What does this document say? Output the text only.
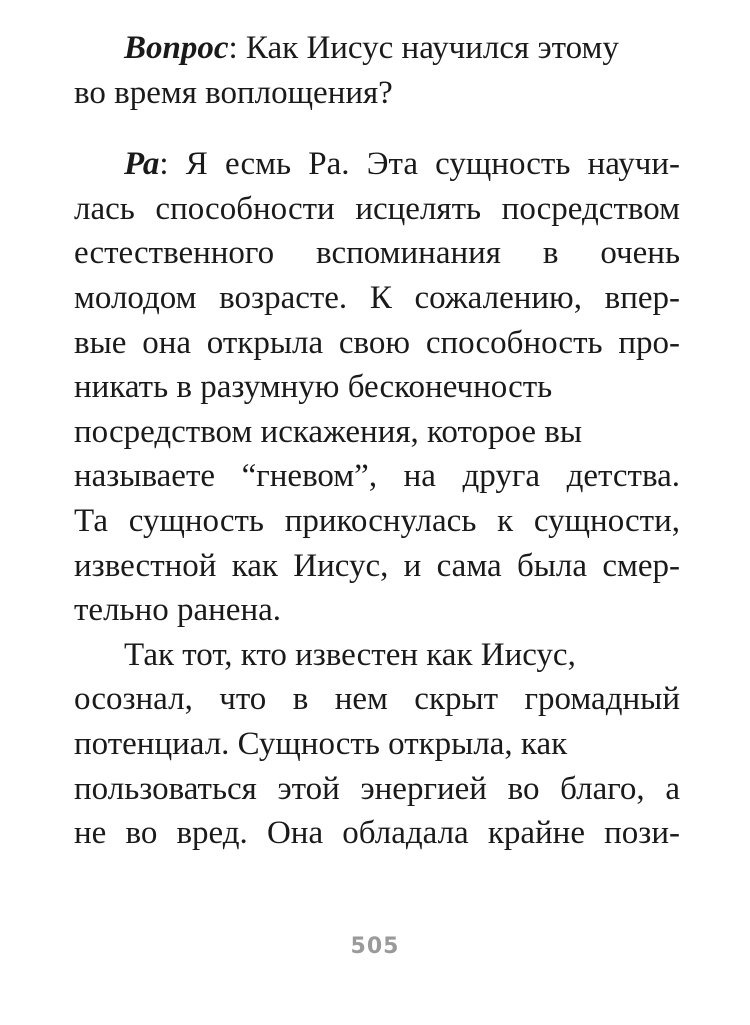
Вопрос: Как Иисус научился этому
во время воплощения?
Ра: Я есмь Ра. Эта сущность научи-
лась способности исцелять посредством
естественного вспоминания в очень
молодом возрасте. К сожалению, впер-
вые она открыла свою способность про-
никать в разумную бесконечность
посредством искажения, которое вы
называете “гневом”, на друга детства.
Та сущность прикоснулась к сущности,
известной как Иисус, и сама была смер-
тельно ранена.
Так тот, кто известен как Иисус,
осознал, что в нем скрыт громадный
потенциал. Сущность открыла, как
пользоваться этой энергией во благо, а
не во вред. Она обладала крайне пози-
505
